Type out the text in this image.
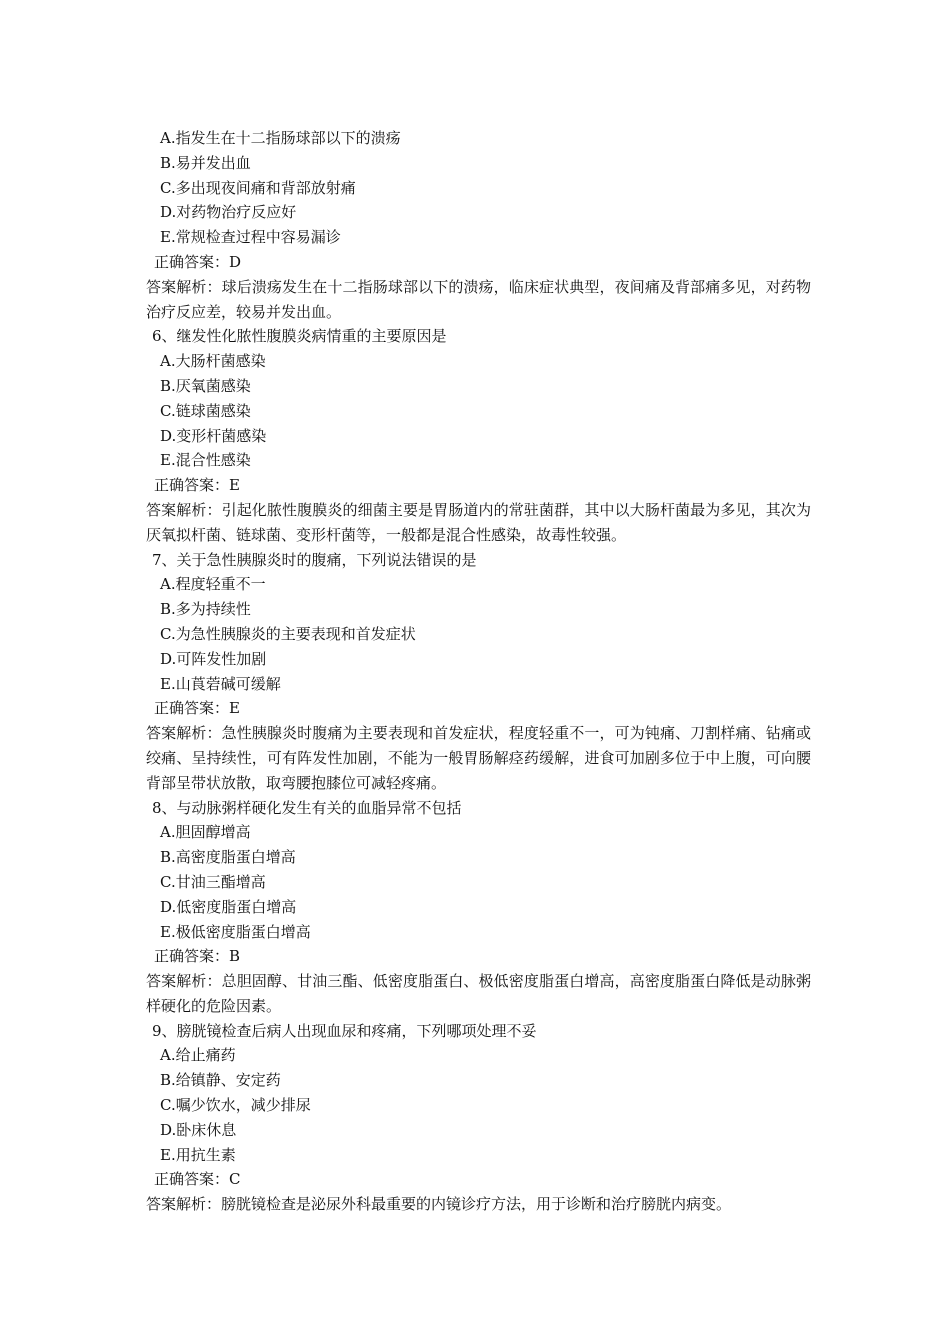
A.指发生在十二指肠球部以下的溃疡
B.易并发出血
C.多出现夜间痛和背部放射痛
D.对药物治疗反应好
E.常规检查过程中容易漏诊
正确答案：D
答案解析：球后溃疡发生在十二指肠球部以下的溃疡，临床症状典型，夜间痛及背部痛多见，对药物治疗反应差，较易并发出血。
6、继发性化脓性腹膜炎病情重的主要原因是
A.大肠杆菌感染
B.厌氧菌感染
C.链球菌感染
D.变形杆菌感染
E.混合性感染
正确答案：E
答案解析：引起化脓性腹膜炎的细菌主要是胃肠道内的常驻菌群，其中以大肠杆菌最为多见，其次为厌氧拟杆菌、链球菌、变形杆菌等，一般都是混合性感染，故毒性较强。
7、关于急性胰腺炎时的腹痛，下列说法错误的是
A.程度轻重不一
B.多为持续性
C.为急性胰腺炎的主要表现和首发症状
D.可阵发性加剧
E.山莨菪碱可缓解
正确答案：E
答案解析：急性胰腺炎时腹痛为主要表现和首发症状，程度轻重不一，可为钝痛、刀割样痛、钻痛或绞痛、呈持续性，可有阵发性加剧，不能为一般胃肠解痉药缓解，进食可加剧多位于中上腹，可向腰背部呈带状放散，取弯腰抱膝位可减轻疼痛。
8、与动脉粥样硬化发生有关的血脂异常不包括
A.胆固醇增高
B.高密度脂蛋白增高
C.甘油三酯增高
D.低密度脂蛋白增高
E.极低密度脂蛋白增高
正确答案：B
答案解析：总胆固醇、甘油三酯、低密度脂蛋白、极低密度脂蛋白增高，高密度脂蛋白降低是动脉粥样硬化的危险因素。
9、膀胱镜检查后病人出现血尿和疼痛，下列哪项处理不妥
A.给止痛药
B.给镇静、安定药
C.嘱少饮水，减少排尿
D.卧床休息
E.用抗生素
正确答案：C
答案解析：膀胱镜检查是泌尿外科最重要的内镜诊疗方法，用于诊断和治疗膀胱内病变。
